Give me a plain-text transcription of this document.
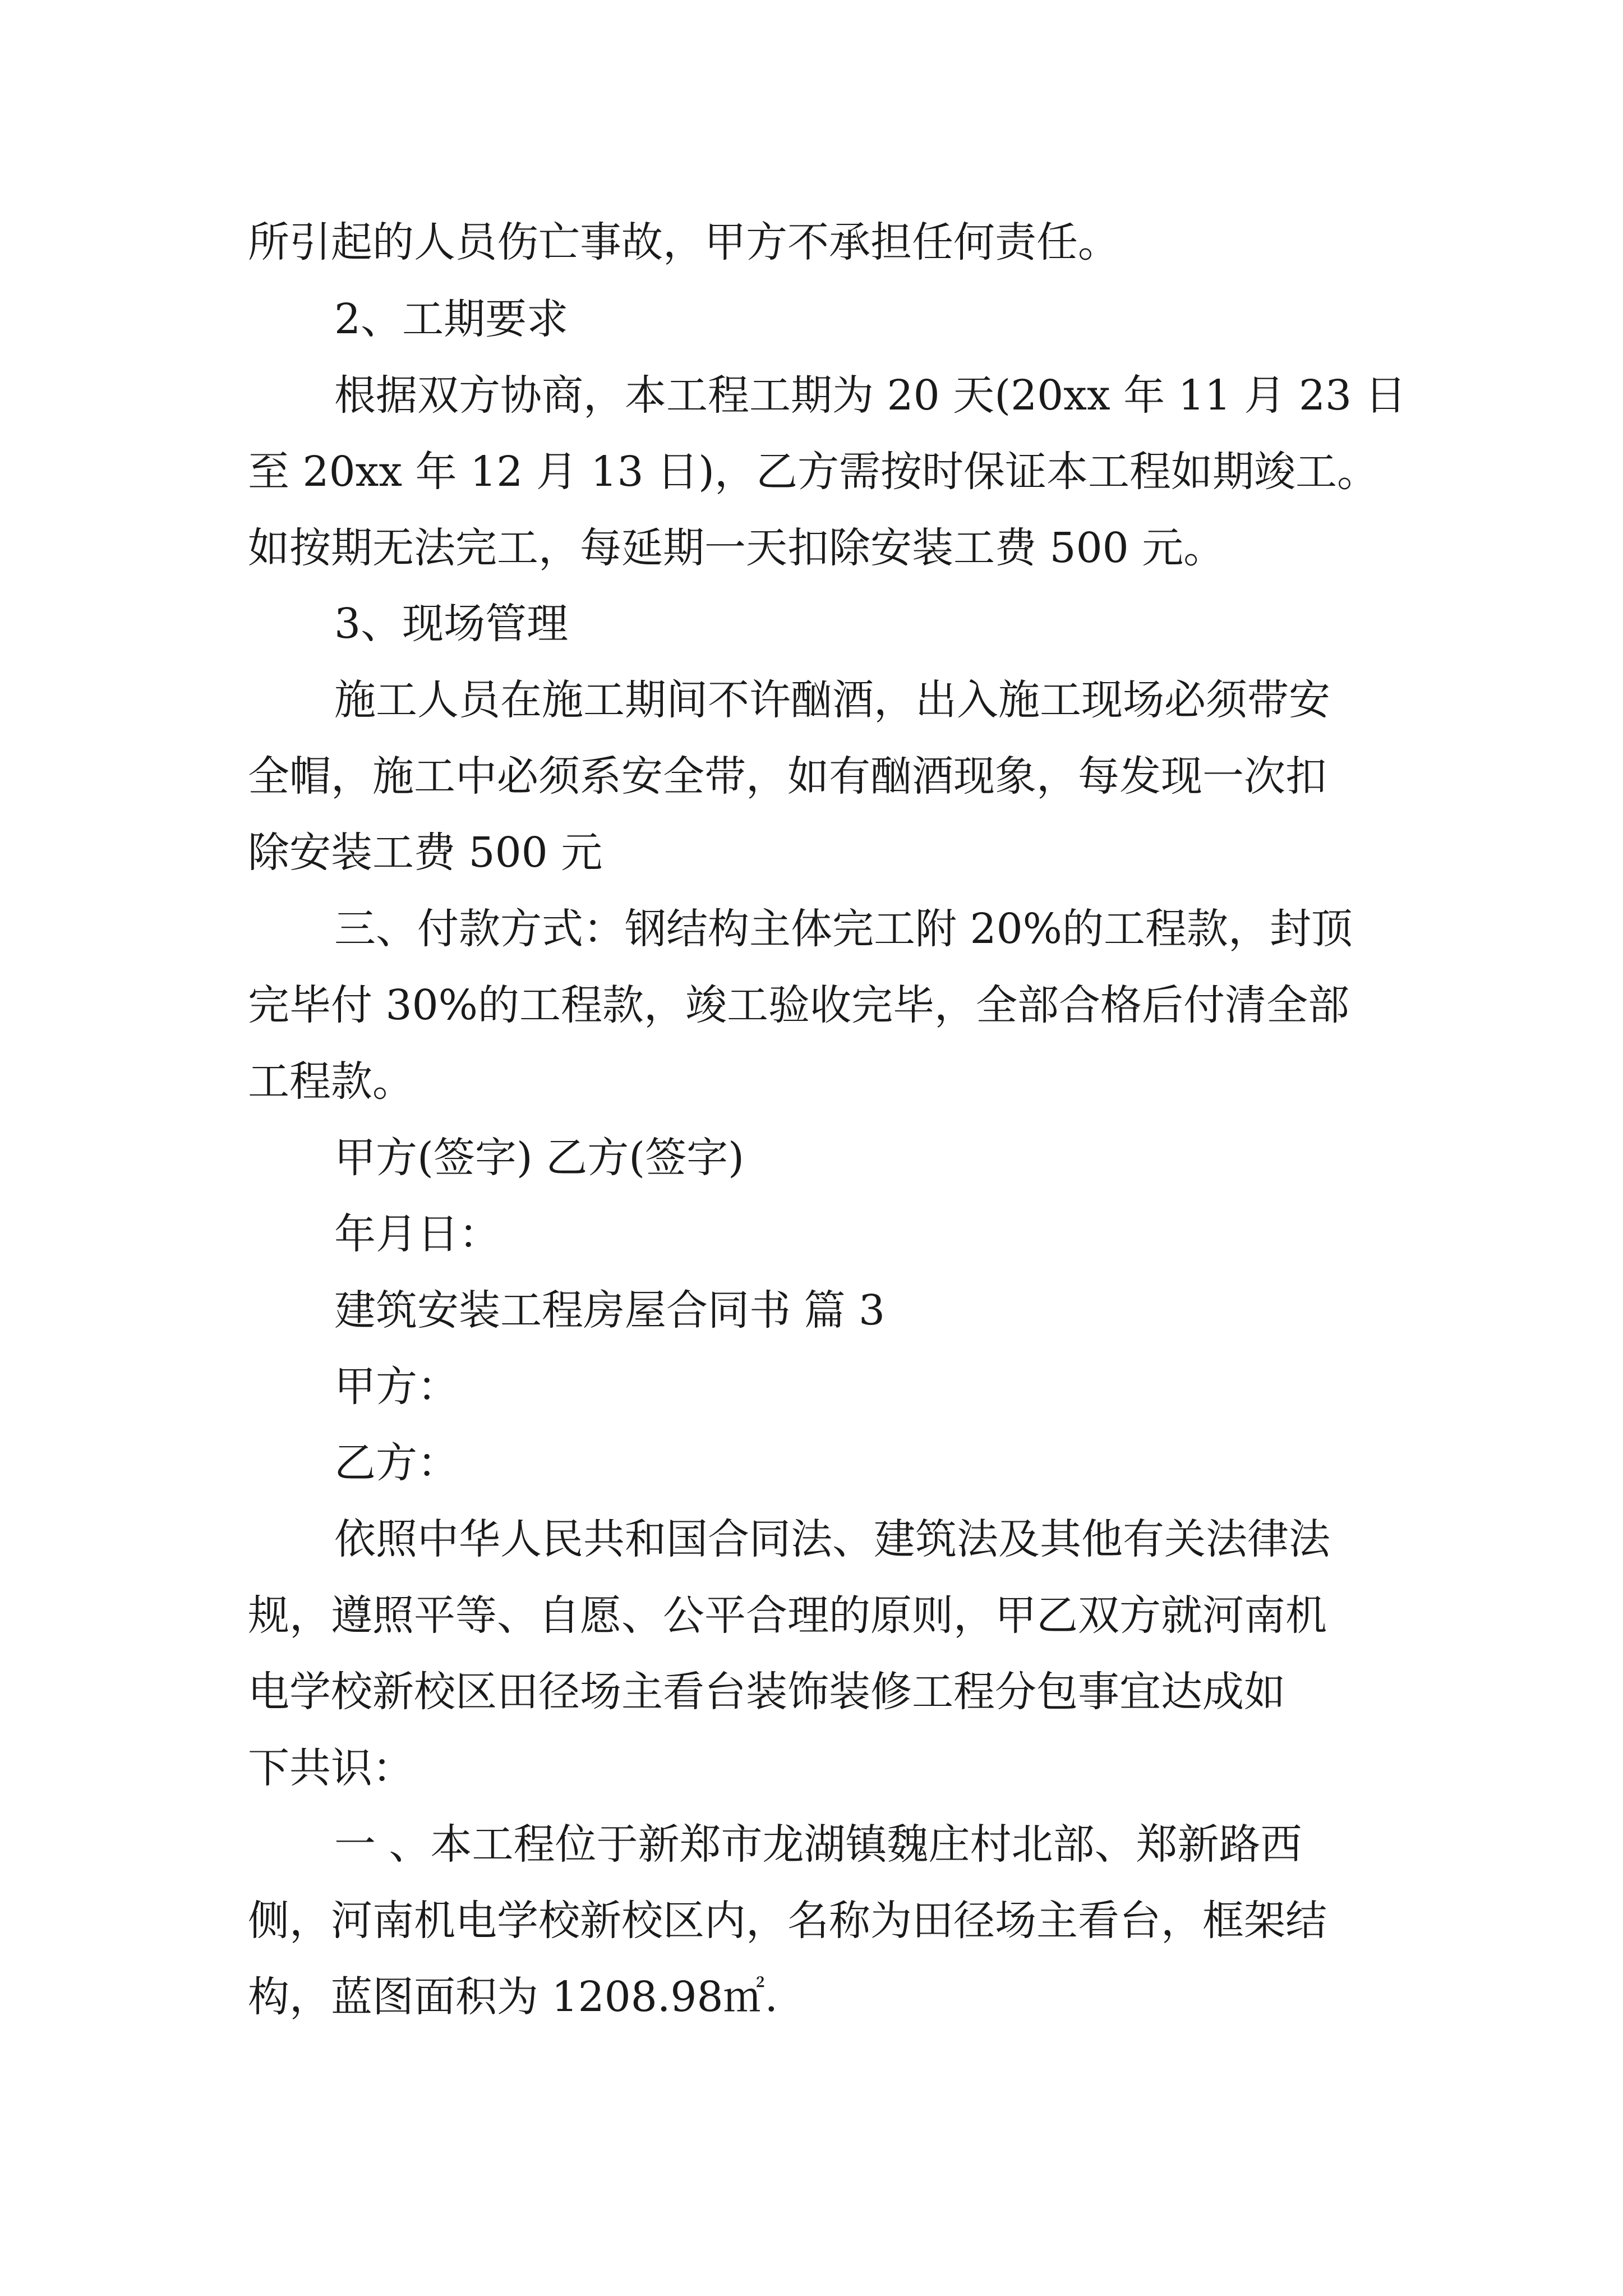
所引起的人员伤亡事故，甲方不承担任何责任。

2、工期要求

根据双方协商，本工程工期为 20 天(20xx 年 11 月 23 日

至 20xx 年 12 月 13 日)，乙方需按时保证本工程如期竣工。

如按期无法完工，每延期一天扣除安装工费 500 元。

3、现场管理

施工人员在施工期间不许酗酒，出入施工现场必须带安

全帽，施工中必须系安全带，如有酗酒现象，每发现一次扣

除安装工费 500 元

三、付款方式：钢结构主体完工附 20%的工程款，封顶

完毕付 30%的工程款，竣工验收完毕，全部合格后付清全部

工程款。

甲方(签字) 乙方(签字)

年月日：

建筑安装工程房屋合同书 篇 3

甲方：

乙方：

依照中华人民共和国合同法、建筑法及其他有关法律法

规，遵照平等、自愿、公平合理的原则，甲乙双方就河南机

电学校新校区田径场主看台装饰装修工程分包事宜达成如

下共识：

一 、本工程位于新郑市龙湖镇魏庄村北部、郑新路西

侧，河南机电学校新校区内，名称为田径场主看台，框架结

构，蓝图面积为 1208.98㎡.
